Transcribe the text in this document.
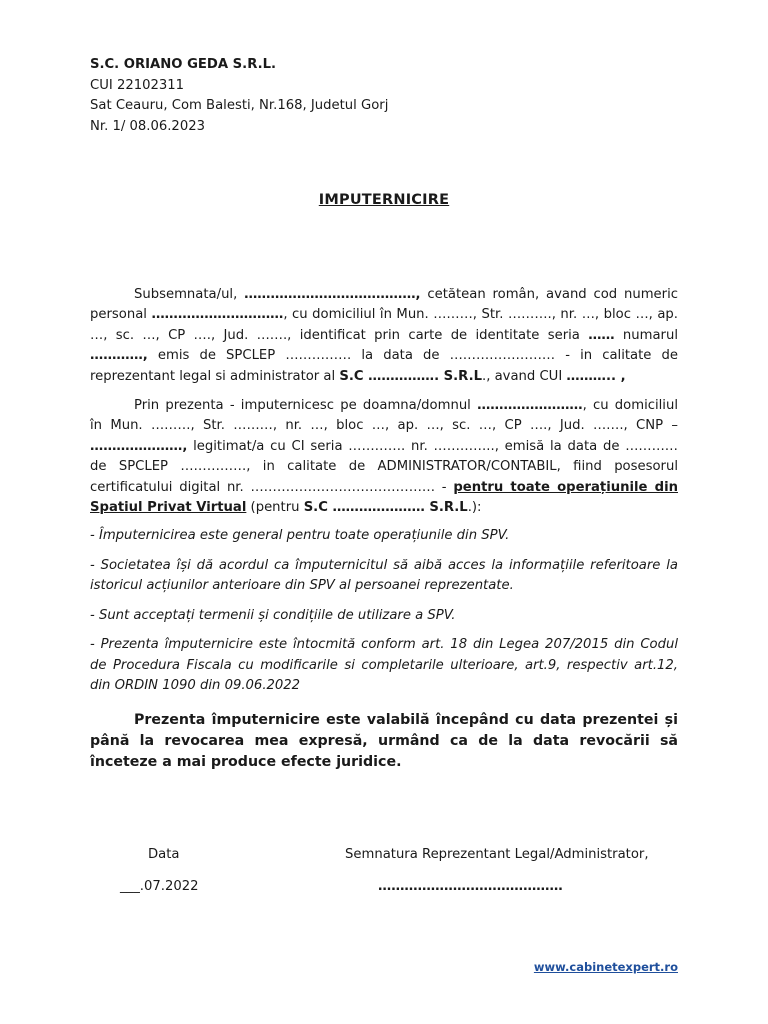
S.C. ORIANO GEDA S.R.L.
CUI 22102311
Sat Ceauru, Com Balesti, Nr.168, Judetul Gorj
Nr. 1/ 08.06.2023
IMPUTERNICIRE

Subsemnata/ul, …………………………………, cetătean român, avand cod numeric personal …………………………, cu domiciliul în Mun. ………, Str. ………., nr. …, bloc …, ap. …, sc. …, CP …., Jud. ……., identificat prin carte de identitate seria …… numarul …………, emis de SPCLEP …………… la data de …………………… - in calitate de reprezentant legal si administrator al S.C ……………. S.R.L., avand CUI ……….. ,

Prin prezenta - imputernicesc pe doamna/domnul ……………………, cu domiciliul în Mun. ………, Str. ………, nr. …, bloc …, ap. …, sc. …, CP …., Jud. ……., CNP – …………………, legitimat/a cu CI seria …………. nr. ………….., emisă la data de ………… de SPCLEP ……………, in calitate de ADMINISTRATOR/CONTABIL, fiind posesorul certificatului digital nr. …………………………………… - pentru toate operațiunile din Spatiul Privat Virtual (pentru S.C ………………… S.R.L.):

- Împuternicirea este general pentru toate operațiunile din SPV.

- Societatea își dă acordul ca împuternicitul să aibă acces la informațiile referitoare la istoricul acțiunilor anterioare din SPV al persoanei reprezentate.

- Sunt acceptați termenii și condițiile de utilizare a SPV.

- Prezenta împuternicire este întocmită conform art. 18 din Legea 207/2015 din Codul de Procedura Fiscala cu modificarile si completarile ulterioare, art.9, respectiv art.12, din ORDIN 1090 din 09.06.2022

Prezenta împuternicire este valabilă începând cu data prezentei și până la revocarea mea expresă, urmând ca de la data revocării să înceteze a mai produce efecte juridice.

Data
___.07.2022
Semnatura Reprezentant Legal/Administrator,
……………………………………
www.cabinetexpert.ro
